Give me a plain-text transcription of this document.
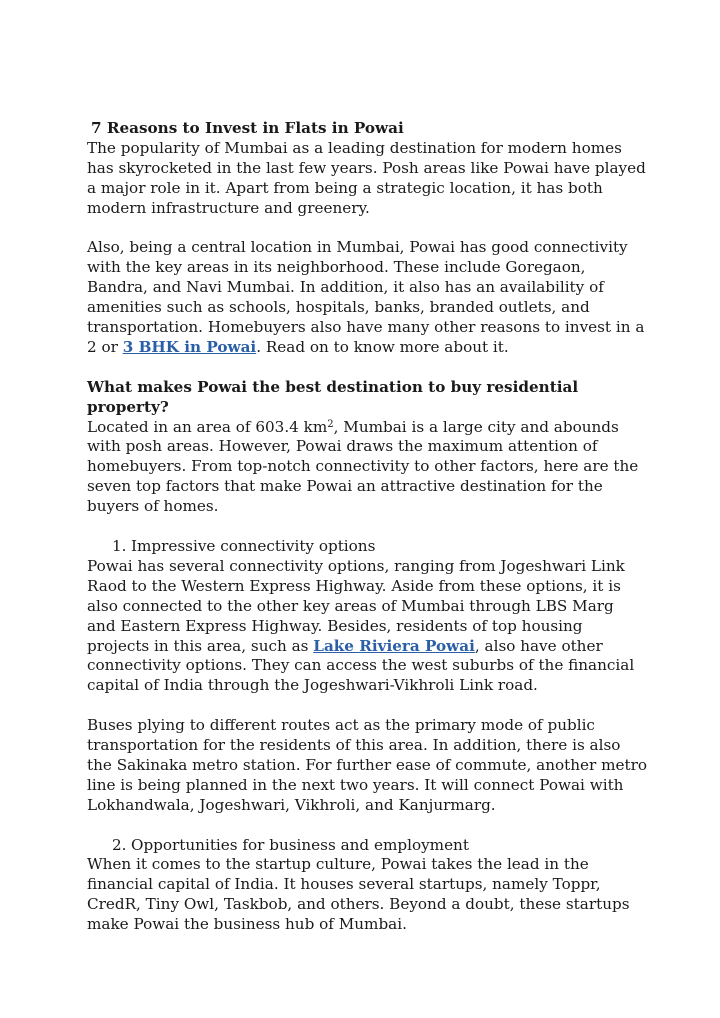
7 Reasons to Invest in Flats in Powai

The popularity of Mumbai as a leading destination for modern homes has skyrocketed in the last few years. Posh areas like Powai have played a major role in it. Apart from being a strategic location, it has both modern infrastructure and greenery.

Also, being a central location in Mumbai, Powai has good connectivity with the key areas in its neighborhood. These include Goregaon, Bandra, and Navi Mumbai. In addition, it also has an availability of amenities such as schools, hospitals, banks, branded outlets, and transportation. Homebuyers also have many other reasons to invest in a 2 or 3 BHK in Powai. Read on to know more about it.

What makes Powai the best destination to buy residential property?

Located in an area of 603.4 $km^2$, Mumbai is a large city and abounds with posh areas. However, Powai draws the maximum attention of homebuyers. From top-notch connectivity to other factors, here are the seven top factors that make Powai an attractive destination for the buyers of homes.

1. Impressive connectivity options

Powai has several connectivity options, ranging from Jogeshwari Link Raod to the Western Express Highway. Aside from these options, it is also connected to the other key areas of Mumbai through LBS Marg and Eastern Express Highway. Besides, residents of top housing projects in this area, such as Lake Riviera Powai, also have other connectivity options. They can access the west suburbs of the financial capital of India through the Jogeshwari-Vikhroli Link road.

Buses plying to different routes act as the primary mode of public transportation for the residents of this area. In addition, there is also the Sakinaka metro station. For further ease of commute, another metro line is being planned in the next two years. It will connect Powai with Lokhandwala, Jogeshwari, Vikhroli, and Kanjurmarg.

2. Opportunities for business and employment

When it comes to the startup culture, Powai takes the lead in the financial capital of India. It houses several startups, namely Toppr, CredR, Tiny Owl, Taskbob, and others. Beyond a doubt, these startups make Powai the business hub of Mumbai.
